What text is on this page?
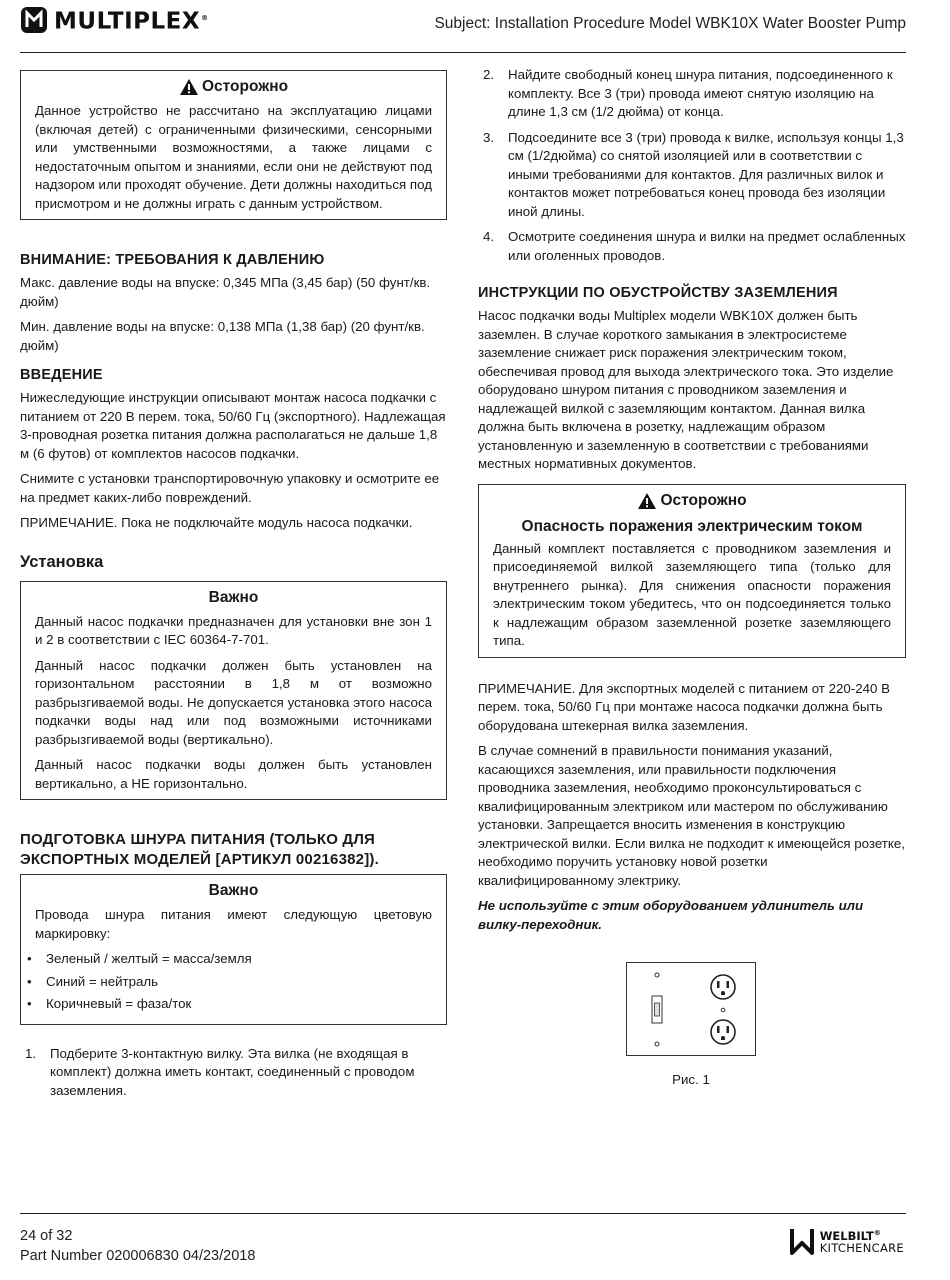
MULTIPLEX®	Subject: Installation Procedure Model WBK10X Water Booster Pump
Осторожно

Данное устройство не рассчитано на эксплуатацию лицами (включая детей) с ограниченными физическими, сенсорными или умственными возможностями, а также лицами с недостаточным опытом и знаниями, если они не действуют под надзором или проходят обучение. Дети должны находиться под присмотром и не должны играть с данным устройством.

ВНИМАНИЕ: ТРЕБОВАНИЯ К ДАВЛЕНИЮ

Макс. давление воды на впуске: 0,345 МПа (3,45 бар) (50 фунт/кв. дюйм)

Мин. давление воды на впуске: 0,138 МПа (1,38 бар) (20 фунт/кв. дюйм)

ВВЕДЕНИЕ

Нижеследующие инструкции описывают монтаж насоса подкачки с питанием от 220 В перем. тока, 50/60 Гц (экспортного). Надлежащая 3-проводная розетка питания должна располагаться не дальше 1,8 м (6 футов) от комплектов насосов подкачки.

Снимите с установки транспортировочную упаковку и осмотрите ее на предмет каких-либо повреждений.

ПРИМЕЧАНИЕ. Пока не подключайте модуль насоса подкачки.

Установка
Важно

Данный насос подкачки предназначен для установки вне зон 1 и 2 в соответствии с IEC 60364-7-701.

Данный насос подкачки должен быть установлен на горизонтальном расстоянии в 1,8 м от возможно разбрызгиваемой воды. Не допускается установка этого насоса подкачки воды над или под возможными источниками разбрызгиваемой воды (вертикально).

Данный насос подкачки воды должен быть установлен вертикально, а НЕ горизонтально.

ПОДГОТОВКА ШНУРА ПИТАНИЯ (ТОЛЬКО ДЛЯ ЭКСПОРТНЫХ МОДЕЛЕЙ [АРТИКУЛ 00216382]).
Важно

Провода шнура питания имеют следующую цветовую маркировку:

• Зеленый / желтый = масса/земля
• Синий = нейтраль
• Коричневый = фаза/ток
1. Подберите 3-контактную вилку. Эта вилка (не входящая в комплект) должна иметь контакт, соединенный с проводом заземления.
2. Найдите свободный конец шнура питания, подсоединенного к комплекту. Все 3 (три) провода имеют снятую изоляцию на длине 1,3 см (1/2 дюйма) от конца.
3. Подсоедините все 3 (три) провода к вилке, используя концы 1,3 см (1/2дюйма) со снятой изоляцией или в соответствии с иными требованиями для контактов. Для различных вилок и контактов может потребоваться конец провода без изоляции иной длины.
4. Осмотрите соединения шнура и вилки на предмет ослабленных или оголенных проводов.
ИНСТРУКЦИИ ПО ОБУСТРОЙСТВУ ЗАЗЕМЛЕНИЯ

Насос подкачки воды Multiplex модели WBK10X должен быть заземлен. В случае короткого замыкания в электросистеме заземление снижает риск поражения электрическим током, обеспечивая провод для выхода электрического тока. Это изделие оборудовано шнуром питания с проводником заземления и надлежащей вилкой с заземляющим контактом. Данная вилка должна быть включена в розетку, надлежащим образом установленную и заземленную в соответствии с требованиями местных нормативных документов.

Осторожно
Опасность поражения электрическим током

Данный комплект поставляется с проводником заземления и присоединяемой вилкой заземляющего типа (только для внутреннего рынка). Для снижения опасности поражения электрическим током убедитесь, что он подсоединяется только к надлежащим образом заземленной розетке заземляющего типа.

ПРИМЕЧАНИЕ. Для экспортных моделей с питанием от 220-240 В перем. тока, 50/60 Гц при монтаже насоса подкачки должна быть оборудована штекерная вилка заземления.

В случае сомнений в правильности понимания указаний, касающихся заземления, или правильности подключения проводника заземления, необходимо проконсультироваться с квалифицированным электриком или мастером по обслуживанию установки. Запрещается вносить изменения в конструкцию электрической вилки. Если вилка не подходит к имеющейся розетке, необходимо поручить установку новой розетки квалифицированному электрику.

Не используйте с этим оборудованием удлинитель или вилку-переходник.

Рис. 1
24 of 32
Part Number 020006830 04/23/2018
WELBILT®
KITCHENCARE
